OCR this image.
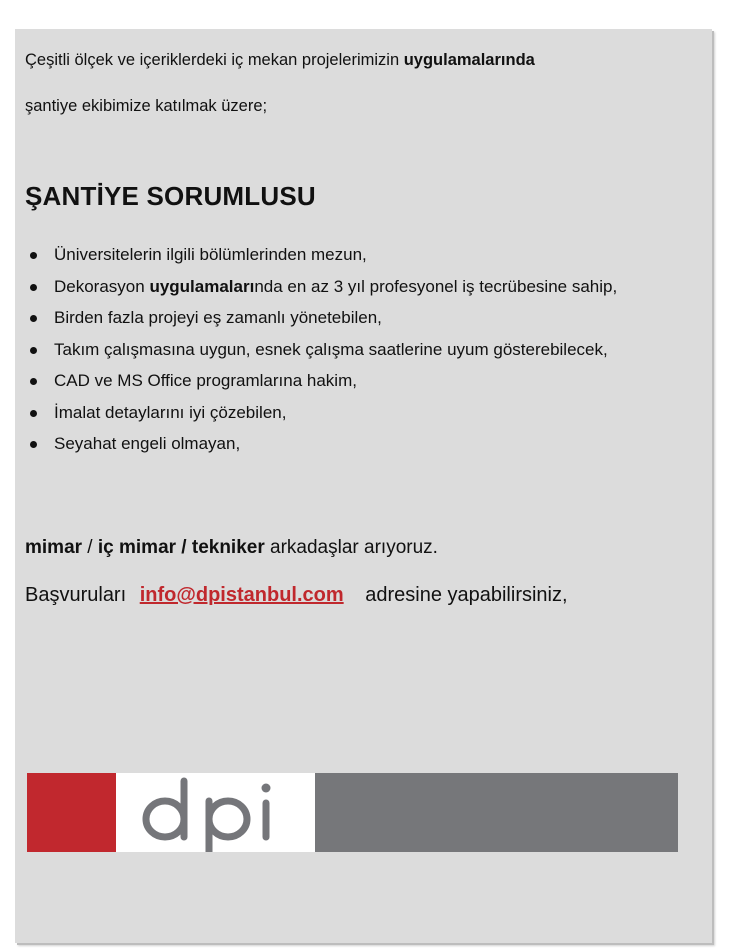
Çeşitli ölçek ve içeriklerdeki iç mekan projelerimizin uygulamalarında
şantiye ekibimize katılmak üzere;
ŞANTİYE SORUMLUSU
Üniversitelerin ilgili bölümlerinden mezun,
Dekorasyon uygulamalarında en az 3 yıl profesyonel iş tecrübesine sahip,
Birden fazla projeyi eş zamanlı yönetebilen,
Takım çalışmasına uygun, esnek çalışma saatlerine uyum gösterebilecek,
CAD ve MS Office programlarına hakim,
İmalat detaylarını iyi çözebilen,
Seyahat engeli olmayan,
mimar / iç mimar / tekniker arkadaşlar arıyoruz.
Başvuruları info@dpistanbul.com adresine yapabilirsiniz,
